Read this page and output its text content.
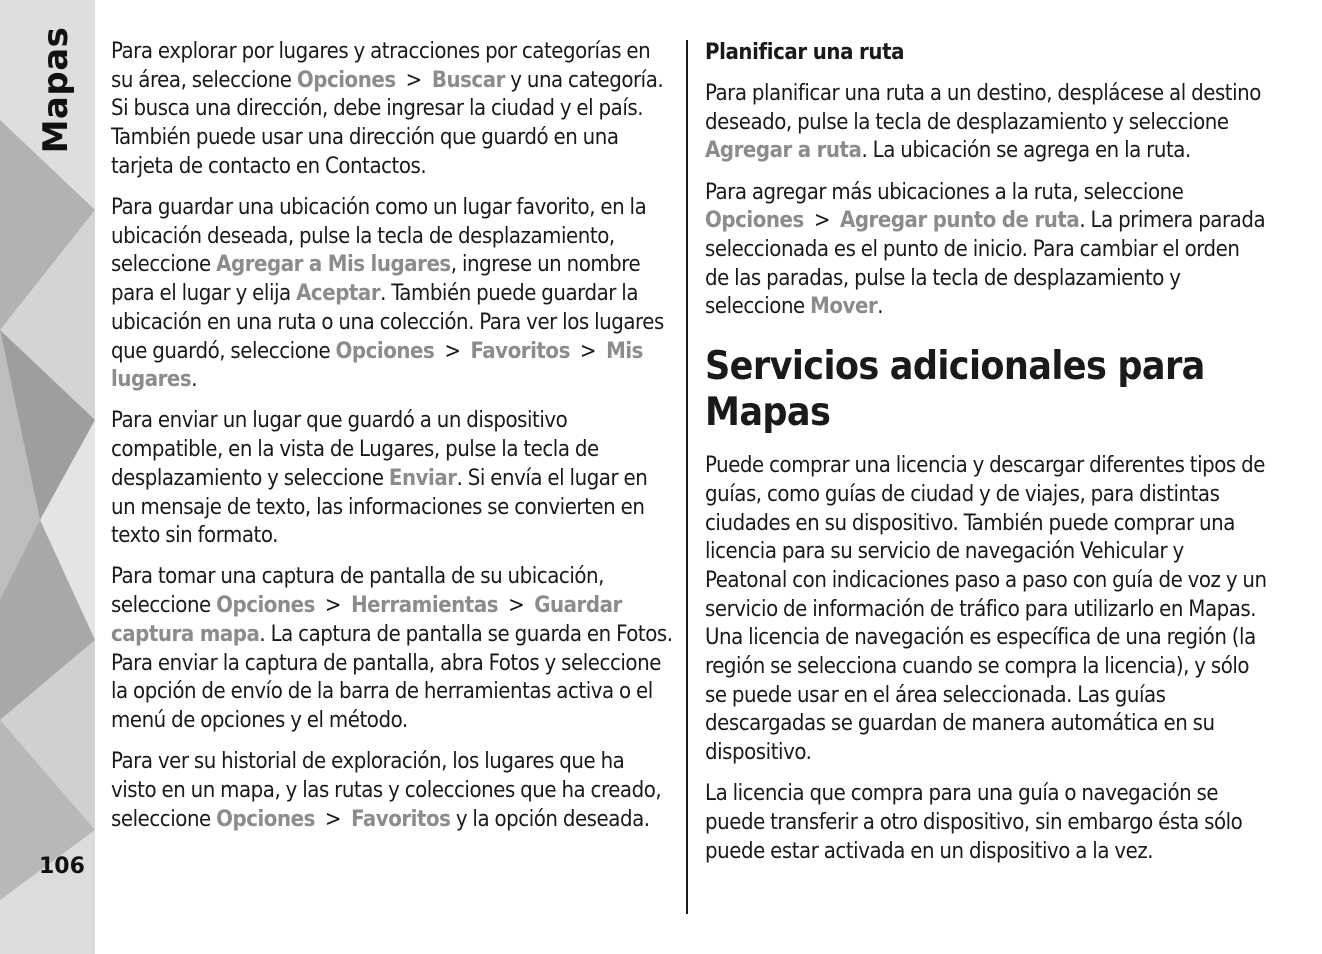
Mapas
106

Para explorar por lugares y atracciones por categorías en su área, seleccione Opciones > Buscar y una categoría. Si busca una dirección, debe ingresar la ciudad y el país. También puede usar una dirección que guardó en una tarjeta de contacto en Contactos.

Para guardar una ubicación como un lugar favorito, en la ubicación deseada, pulse la tecla de desplazamiento, seleccione Agregar a Mis lugares, ingrese un nombre para el lugar y elija Aceptar. También puede guardar la ubicación en una ruta o una colección. Para ver los lugares que guardó, seleccione Opciones > Favoritos > Mis lugares.

Para enviar un lugar que guardó a un dispositivo compatible, en la vista de Lugares, pulse la tecla de desplazamiento y seleccione Enviar. Si envía el lugar en un mensaje de texto, las informaciones se convierten en texto sin formato.

Para tomar una captura de pantalla de su ubicación, seleccione Opciones > Herramientas > Guardar captura mapa. La captura de pantalla se guarda en Fotos. Para enviar la captura de pantalla, abra Fotos y seleccione la opción de envío de la barra de herramientas activa o el menú de opciones y el método.

Para ver su historial de exploración, los lugares que ha visto en un mapa, y las rutas y colecciones que ha creado, seleccione Opciones > Favoritos y la opción deseada.

Planificar una ruta

Para planificar una ruta a un destino, desplácese al destino deseado, pulse la tecla de desplazamiento y seleccione Agregar a ruta. La ubicación se agrega en la ruta.

Para agregar más ubicaciones a la ruta, seleccione Opciones > Agregar punto de ruta. La primera parada seleccionada es el punto de inicio. Para cambiar el orden de las paradas, pulse la tecla de desplazamiento y seleccione Mover.

Servicios adicionales para Mapas

Puede comprar una licencia y descargar diferentes tipos de guías, como guías de ciudad y de viajes, para distintas ciudades en su dispositivo. También puede comprar una licencia para su servicio de navegación Vehicular y Peatonal con indicaciones paso a paso con guía de voz y un servicio de información de tráfico para utilizarlo en Mapas. Una licencia de navegación es específica de una región (la región se selecciona cuando se compra la licencia), y sólo se puede usar en el área seleccionada. Las guías descargadas se guardan de manera automática en su dispositivo.

La licencia que compra para una guía o navegación se puede transferir a otro dispositivo, sin embargo ésta sólo puede estar activada en un dispositivo a la vez.
